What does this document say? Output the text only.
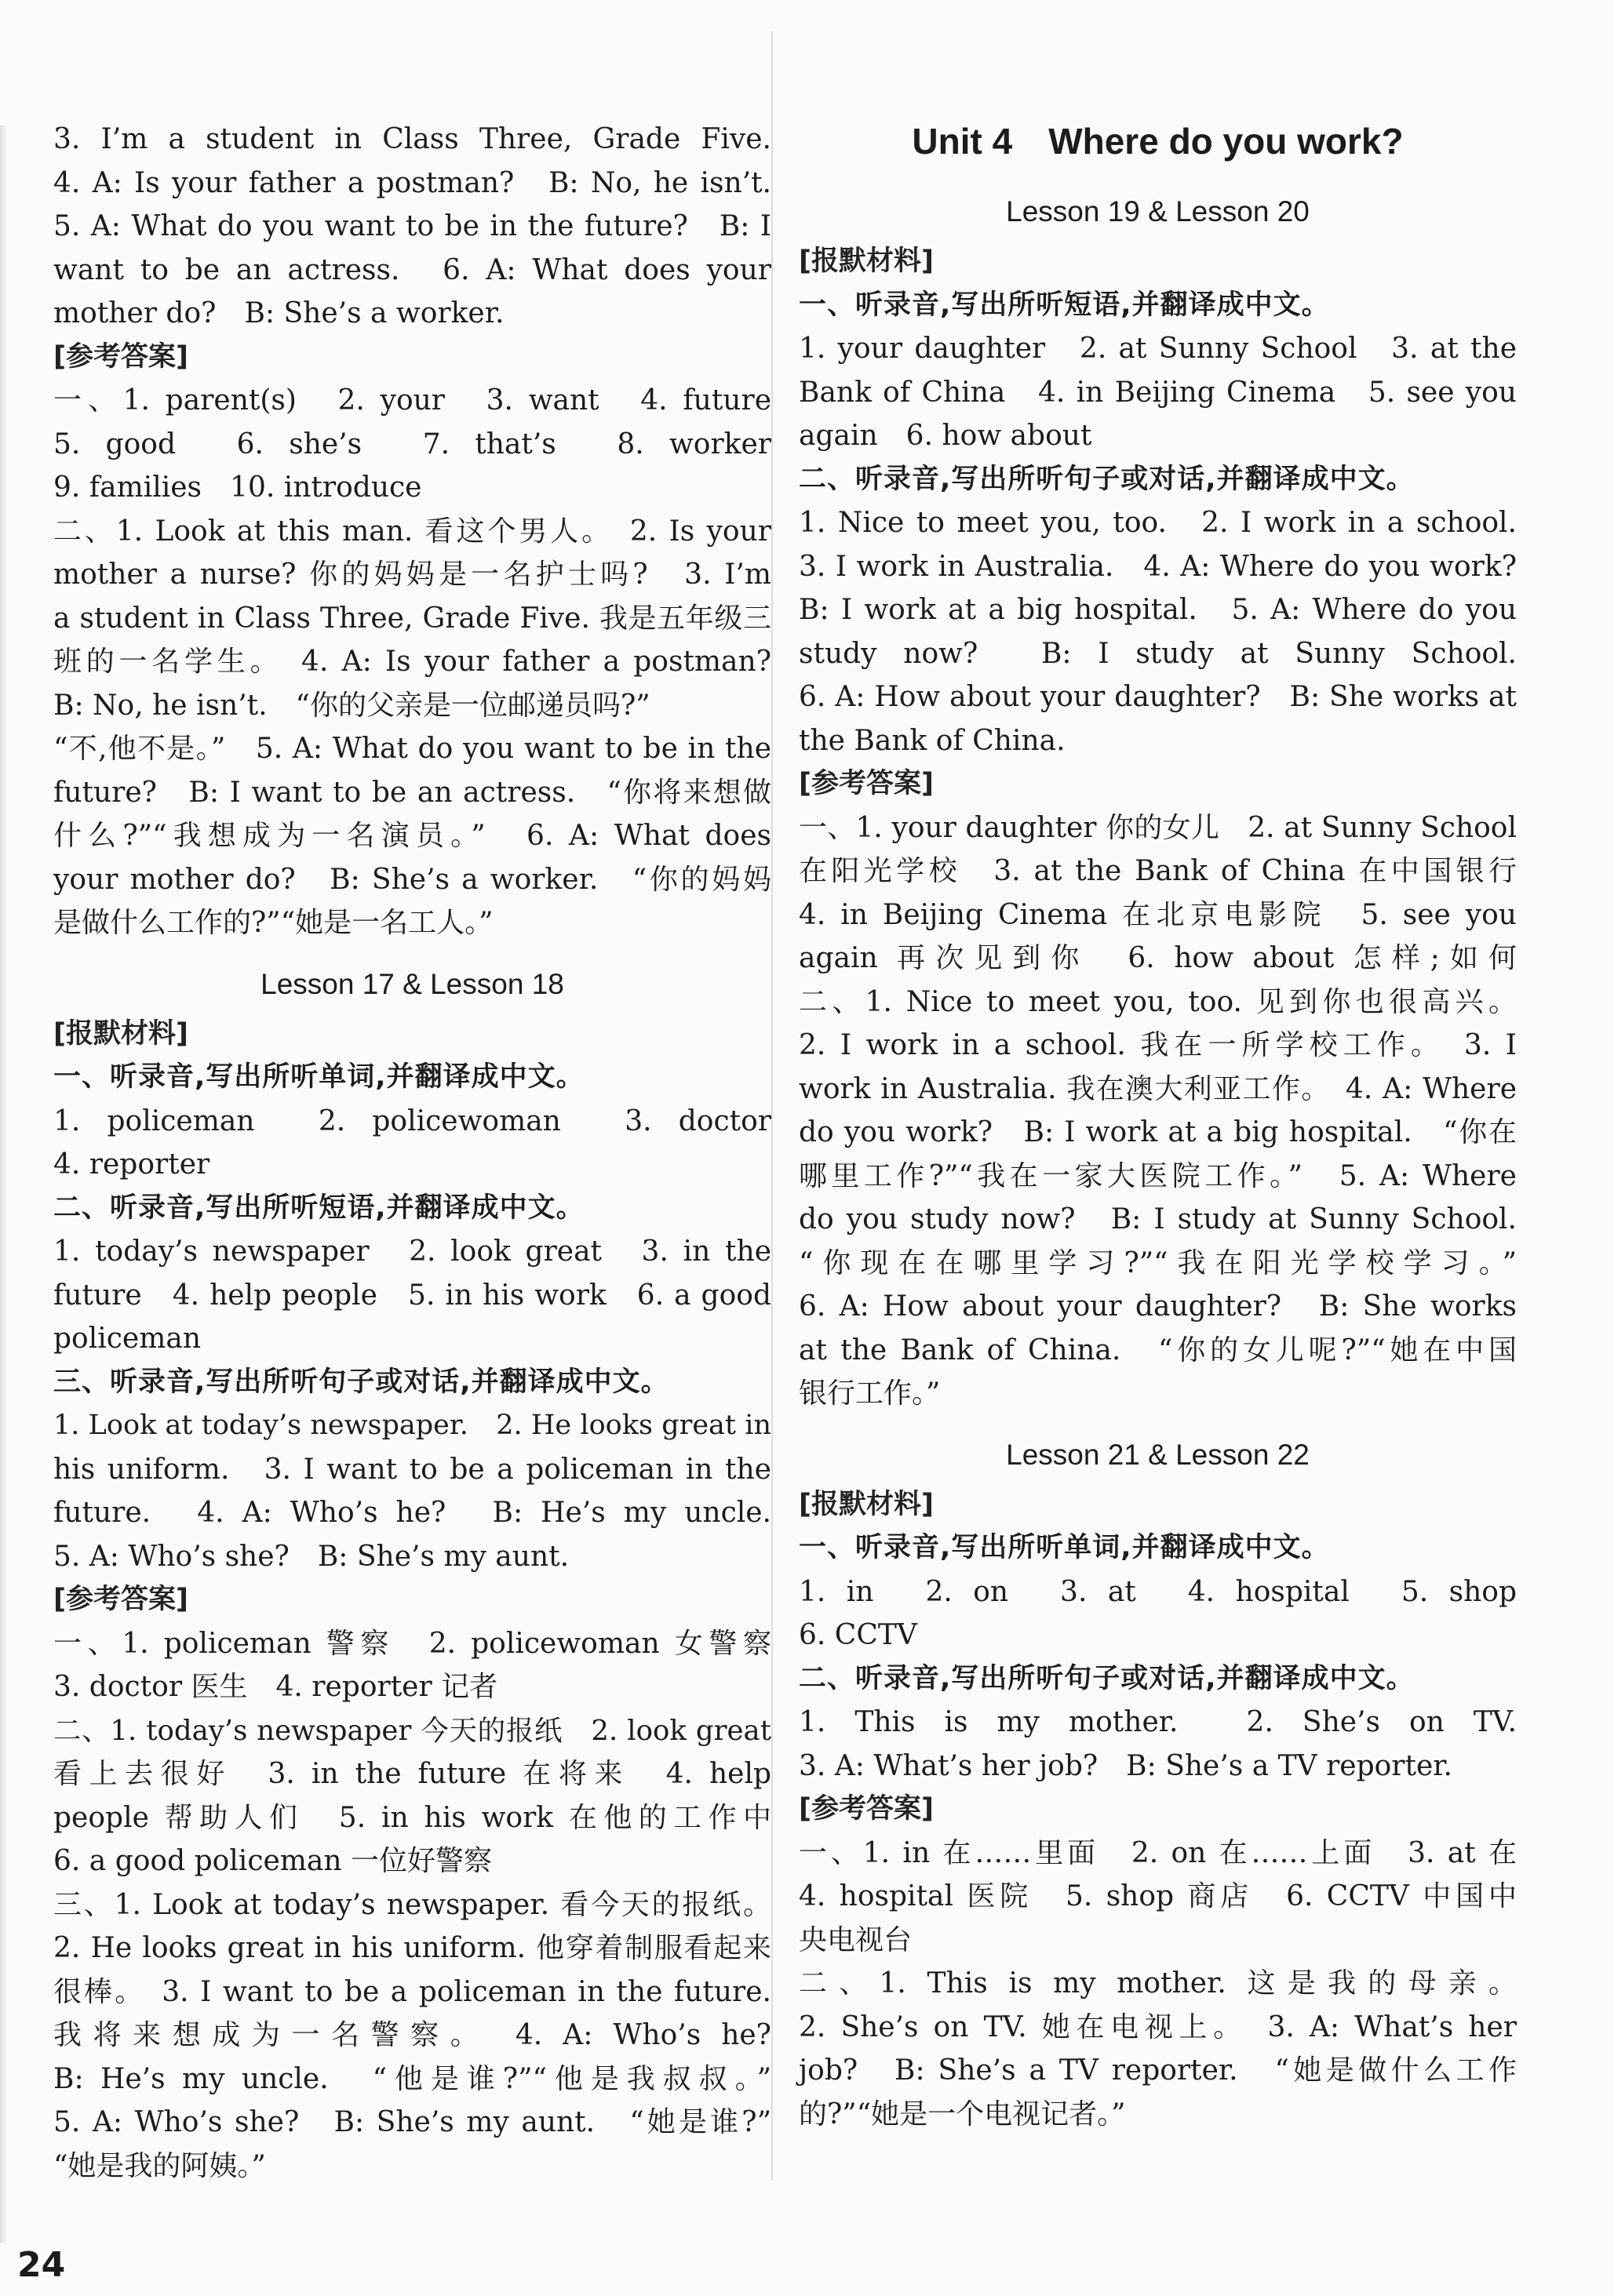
3. I’m a student in Class Three, Grade Five.
4. A: Is your father a postman?　B: No, he isn’t.
5. A: What do you want to be in the future?　B: I
want to be an actress.　6. A: What does your
mother do?　B: She’s a worker.
[参考答案]
一、1. parent(s)　2. your　3. want　4. future
5. good　6. she’s　7. that’s　8. worker
9. families　10. introduce
二、1. Look at this man. 看这个男人。　2. Is your
mother a nurse? 你的妈妈是一名护士吗?　3. I’m
a student in Class Three, Grade Five. 我是五年级三
班的一名学生。　4. A: Is your father a postman?
B: No, he isn’t.　“你的父亲是一位邮递员吗?”
“不,他不是。”　5. A: What do you want to be in the
future?　B: I want to be an actress.　“你将来想做
什么?”“我想成为一名演员。”　6. A: What does
your mother do?　B: She’s a worker.　“你的妈妈
是做什么工作的?”“她是一名工人。”
Lesson 17 & Lesson 18
[报默材料]
一、听录音,写出所听单词,并翻译成中文。
1. policeman　2. policewoman　3. doctor
4. reporter
二、听录音,写出所听短语,并翻译成中文。
1. today’s newspaper　2. look great　3. in the
future　4. help people　5. in his work　6. a good
policeman
三、听录音,写出所听句子或对话,并翻译成中文。
1. Look at today’s newspaper.　2. He looks great in
his uniform.　3. I want to be a policeman in the
future.　4. A: Who’s he?　B: He’s my uncle.
5. A: Who’s she?　B: She’s my aunt.
[参考答案]
一、1. policeman 警察　2. policewoman 女警察
3. doctor 医生　4. reporter 记者
二、1. today’s newspaper 今天的报纸　2. look great
看上去很好　3. in the future 在将来　4. help
people 帮助人们　5. in his work 在他的工作中
6. a good policeman 一位好警察
三、1. Look at today’s newspaper. 看今天的报纸。
2. He looks great in his uniform. 他穿着制服看起来
很棒。　3. I want to be a policeman in the future.
我将来想成为一名警察。　4. A: Who’s he?
B: He’s my uncle.　“他是谁?”“他是我叔叔。”
5. A: Who’s she?　B: She’s my aunt.　“她是谁?”
“她是我的阿姨。”
Unit 4　Where do you work?
Lesson 19 & Lesson 20
[报默材料]
一、听录音,写出所听短语,并翻译成中文。
1. your daughter　2. at Sunny School　3. at the
Bank of China　4. in Beijing Cinema　5. see you
again　6. how about
二、听录音,写出所听句子或对话,并翻译成中文。
1. Nice to meet you, too.　2. I work in a school.
3. I work in Australia.　4. A: Where do you work?
B: I work at a big hospital.　5. A: Where do you
study now?　B: I study at Sunny School.
6. A: How about your daughter?　B: She works at
the Bank of China.
[参考答案]
一、1. your daughter 你的女儿　2. at Sunny School
在阳光学校　3. at the Bank of China 在中国银行
4. in Beijing Cinema 在北京电影院　5. see you
again 再次见到你　6. how about 怎样;如何
二、1. Nice to meet you, too. 见到你也很高兴。
2. I work in a school. 我在一所学校工作。　3. I
work in Australia. 我在澳大利亚工作。　4. A: Where
do you work?　B: I work at a big hospital.　“你在
哪里工作?”“我在一家大医院工作。”　5. A: Where
do you study now?　B: I study at Sunny School.
“你现在在哪里学习?”“我在阳光学校学习。”
6. A: How about your daughter?　B: She works
at the Bank of China.　“你的女儿呢?”“她在中国
银行工作。”
Lesson 21 & Lesson 22
[报默材料]
一、听录音,写出所听单词,并翻译成中文。
1. in　2. on　3. at　4. hospital　5. shop
6. CCTV
二、听录音,写出所听句子或对话,并翻译成中文。
1. This is my mother.　2. She’s on TV.
3. A: What’s her job?　B: She’s a TV reporter.
[参考答案]
一、1. in 在……里面　2. on 在……上面　3. at 在
4. hospital 医院　5. shop 商店　6. CCTV 中国中
央电视台
二、1. This is my mother. 这是我的母亲。
2. She’s on TV. 她在电视上。　3. A: What’s her
job?　B: She’s a TV reporter.　“她是做什么工作
的?”“她是一个电视记者。”
24
